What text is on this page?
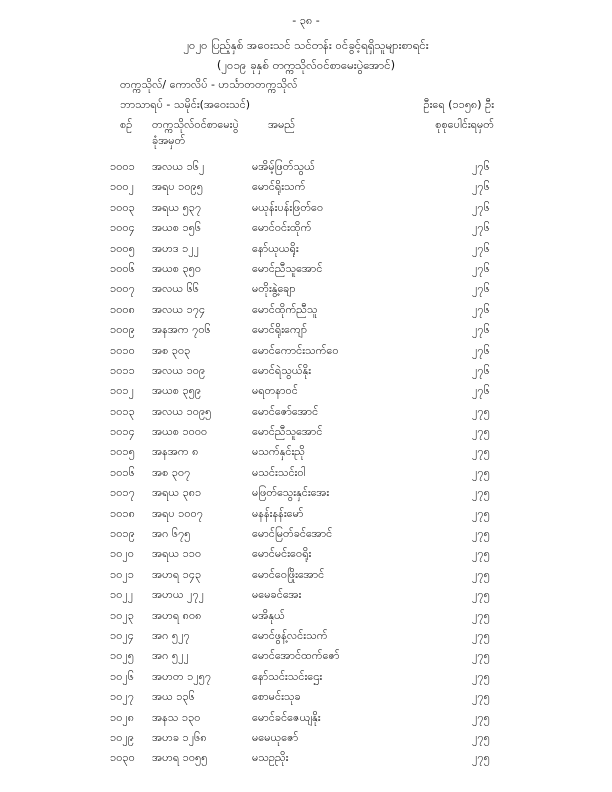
- ၃၈ -
၂၀၂၀ ပြည့်နှစ် အဝေးသင် သင်တန်း ဝင်ခွင့်ရရှိသူများစာရင်း
(၂၀၁၉ ခုနှစ် တက္ကသိုလ်ဝင်စာမေးပွဲအောင်)
တက္ကသိုလ်/ ကောလိပ် - ဟင်္သာတတက္ကသိုလ်
ဘာသာရပ် - သမိုင်း(အဝေးသင်)	ဦးရေ (၁၁၅၈) ဦး
စဉ် တက္ကသိုလ်ဝင်စာမေးပွဲ
ခုံအမှတ်
အမည်	စုစုပေါင်းရမှတ်
၁၀၀၁ အလယ ၁၆၂	မအိမ့်ဖြတ်သွယ်	၂၇၆
၁၀၀၂ အရပ ၁၀၉၅	မောင်ရိုးသက်	၂၇၆
၁၀၀၃ အရယ ၅၃၇	မယုန်းပန်းဖြတ်ဝေ	၂၇၆
၁၀၀၄ အယစ ၁၅၆	မောင်ဝင်းထိုက်	၂၇၆
၁၀၀၅ အဟဒ ၁၂၂	နော်ယုယရိုး	၂၇၆
၁၀၀၆ အယစ ၃၅၀	မောင်ညီသူအောင်	၂၇၆
၁၀၀၇ အလယ ၆၆	မတိုးနွဲ့ချော	၂၇၆
၁၀၀၈ အလယ ၁၇၄	မောင်ထိုက်ညီသူ	၂၇၆
၁၀၀၉ အနအက ၇၀၆	မောင်ရိုးကျော်	၂၇၆
၁၀၁၀ အစ ၃၀၃	မောင်ကောင်းသက်ဝေ	၂၇၆
၁၀၁၁ အလယ ၁၀၉	မောင်ရဲသွယ်နိုး	၂၇၆
၁၀၁၂ အယစ ၃၅၉	မရတနာဝင်	၂၇၆
၁၀၁၃ အလယ ၁၀၉၅	မောင်ဇော်အောင်	၂၇၅
၁၀၁၄ အယစ ၁၀၀၀	မောင်ညီသူအောင်	၂၇၅
၁၀၁၅ အနအက ၈	မသက်နှင်းညို	၂၇၅
၁၀၁၆ အစ ၃၀၇	မသင်းသင်းဝါ	၂၇၅
၁၀၁၇ အရယ ၃၈၁	မဖြတ်သွေးနှင်းအေး	၂၇၅
၁၀၁၈ အရပ ၁၀၀၇	မနန်းနန်းမော်	၂၇၅
၁၀၁၉ အဂ ၆၇၅	မောင်မြတ်ခင်အောင်	၂၇၅
၁၀၂၀ အရယ ၁၁၀	မောင်မင်းဝေရိုး	၂၇၅
၁၀၂၁ အဟရ ၁၄၃	မောင်ဝေဖြိုးအောင်	၂၇၅
၁၀၂၂ အဟယ ၂၇၂	မမေခင်အေး	၂၇၅
၁၀၂၃ အဟရ ၈၀၈	မအိနုယ်	၂၇၅
၁၀၂၄ အဂ ၅၂၇	မောင်ဖွန့်လင်းသက်	၂၇၅
၁၀၂၅ အဂ ၅၂၂	မောင်အောင်ထက်ဇော်	၂၇၅
၁၀၂၆ အဟတ ၁၂၅၇	နော်သင်းသင်းဌေး	၂၇၅
၁၀၂၇ အယ ၁၃၆	စောမင်းသုခ	၂၇၅
၁၀၂၈ အနသ ၁၃၀	မောင်ခင်ဇေယျနိုး	၂၇၅
၁၀၂၉ အဟခ ၁၂၆၈	မမေယုဇော်	၂၇၅
၁၀၃၀ အဟရ ၁၀၅၅	မသဥညိုး	၂၇၅
